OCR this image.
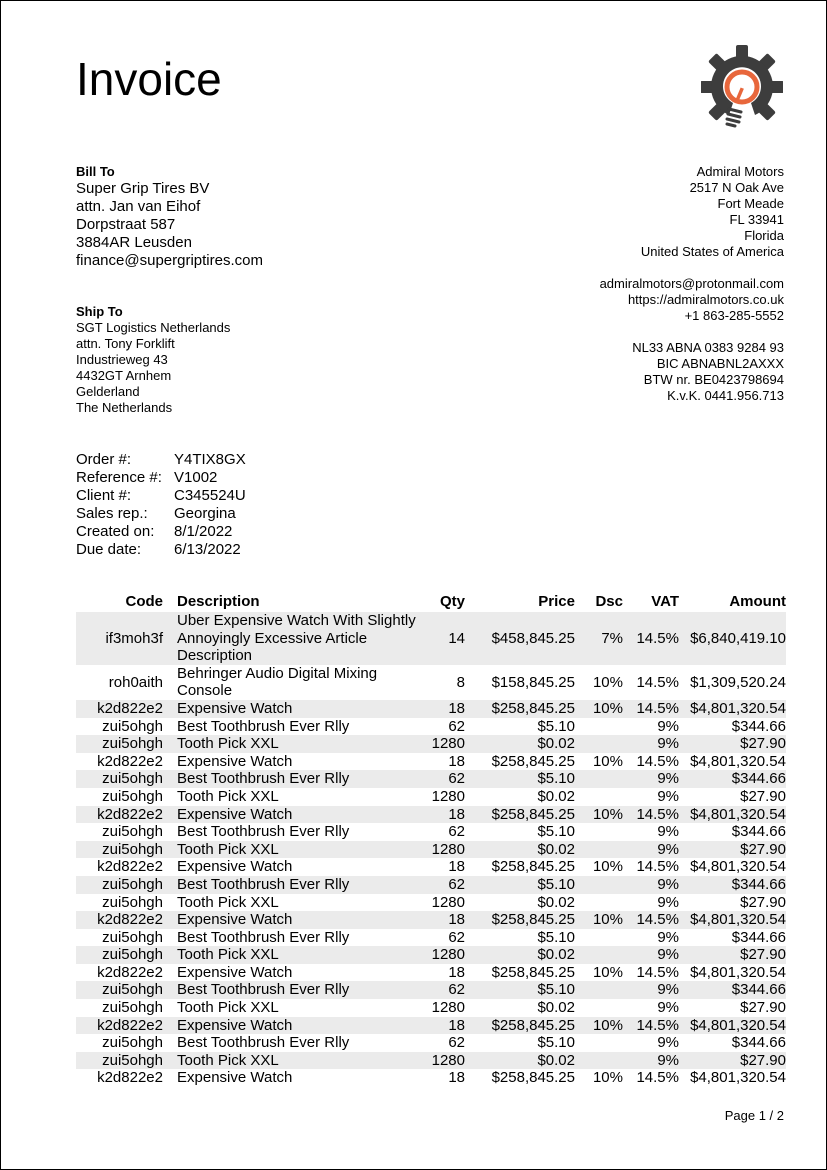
Invoice
Bill To
Super Grip Tires BV
attn. Jan van Eihof
Dorpstraat 587
3884AR Leusden
finance@supergriptires.com
Ship To
SGT Logistics Netherlands
attn. Tony Forklift
Industrieweg 43
4432GT Arnhem
Gelderland
The Netherlands
Admiral Motors
2517 N Oak Ave
Fort Meade
FL 33941
Florida
United States of America
admiralmotors@protonmail.com
https://admiralmotors.co.uk
+1 863-285-5552
NL33 ABNA 0383 9284 93
BIC ABNABNL2AXXX
BTW nr. BE0423798694
K.v.K. 0441.956.713
Order #:	Y4TIX8GX
Reference #:	V1002
Client #:	C345524U
Sales rep.:	Georgina
Created on:	8/1/2022
Due date:	6/13/2022
Code	Description	Qty	Price	Dsc	VAT	Amount
if3moh3f	Uber Expensive Watch With Slightly Annoyingly Excessive Article Description	14	$458,845.25	7%	14.5%	$6,840,419.10
roh0aith	Behringer Audio Digital Mixing Console	8	$158,845.25	10%	14.5%	$1,309,520.24
k2d822e2	Expensive Watch	18	$258,845.25	10%	14.5%	$4,801,320.54
zui5ohgh	Best Toothbrush Ever Rlly	62	$5.10		9%	$344.66
zui5ohgh	Tooth Pick XXL	1280	$0.02		9%	$27.90
k2d822e2	Expensive Watch	18	$258,845.25	10%	14.5%	$4,801,320.54
zui5ohgh	Best Toothbrush Ever Rlly	62	$5.10		9%	$344.66
zui5ohgh	Tooth Pick XXL	1280	$0.02		9%	$27.90
k2d822e2	Expensive Watch	18	$258,845.25	10%	14.5%	$4,801,320.54
zui5ohgh	Best Toothbrush Ever Rlly	62	$5.10		9%	$344.66
zui5ohgh	Tooth Pick XXL	1280	$0.02		9%	$27.90
k2d822e2	Expensive Watch	18	$258,845.25	10%	14.5%	$4,801,320.54
zui5ohgh	Best Toothbrush Ever Rlly	62	$5.10		9%	$344.66
zui5ohgh	Tooth Pick XXL	1280	$0.02		9%	$27.90
k2d822e2	Expensive Watch	18	$258,845.25	10%	14.5%	$4,801,320.54
zui5ohgh	Best Toothbrush Ever Rlly	62	$5.10		9%	$344.66
zui5ohgh	Tooth Pick XXL	1280	$0.02		9%	$27.90
k2d822e2	Expensive Watch	18	$258,845.25	10%	14.5%	$4,801,320.54
zui5ohgh	Best Toothbrush Ever Rlly	62	$5.10		9%	$344.66
zui5ohgh	Tooth Pick XXL	1280	$0.02		9%	$27.90
k2d822e2	Expensive Watch	18	$258,845.25	10%	14.5%	$4,801,320.54
zui5ohgh	Best Toothbrush Ever Rlly	62	$5.10		9%	$344.66
zui5ohgh	Tooth Pick XXL	1280	$0.02		9%	$27.90
k2d822e2	Expensive Watch	18	$258,845.25	10%	14.5%	$4,801,320.54
Page 1 / 2
